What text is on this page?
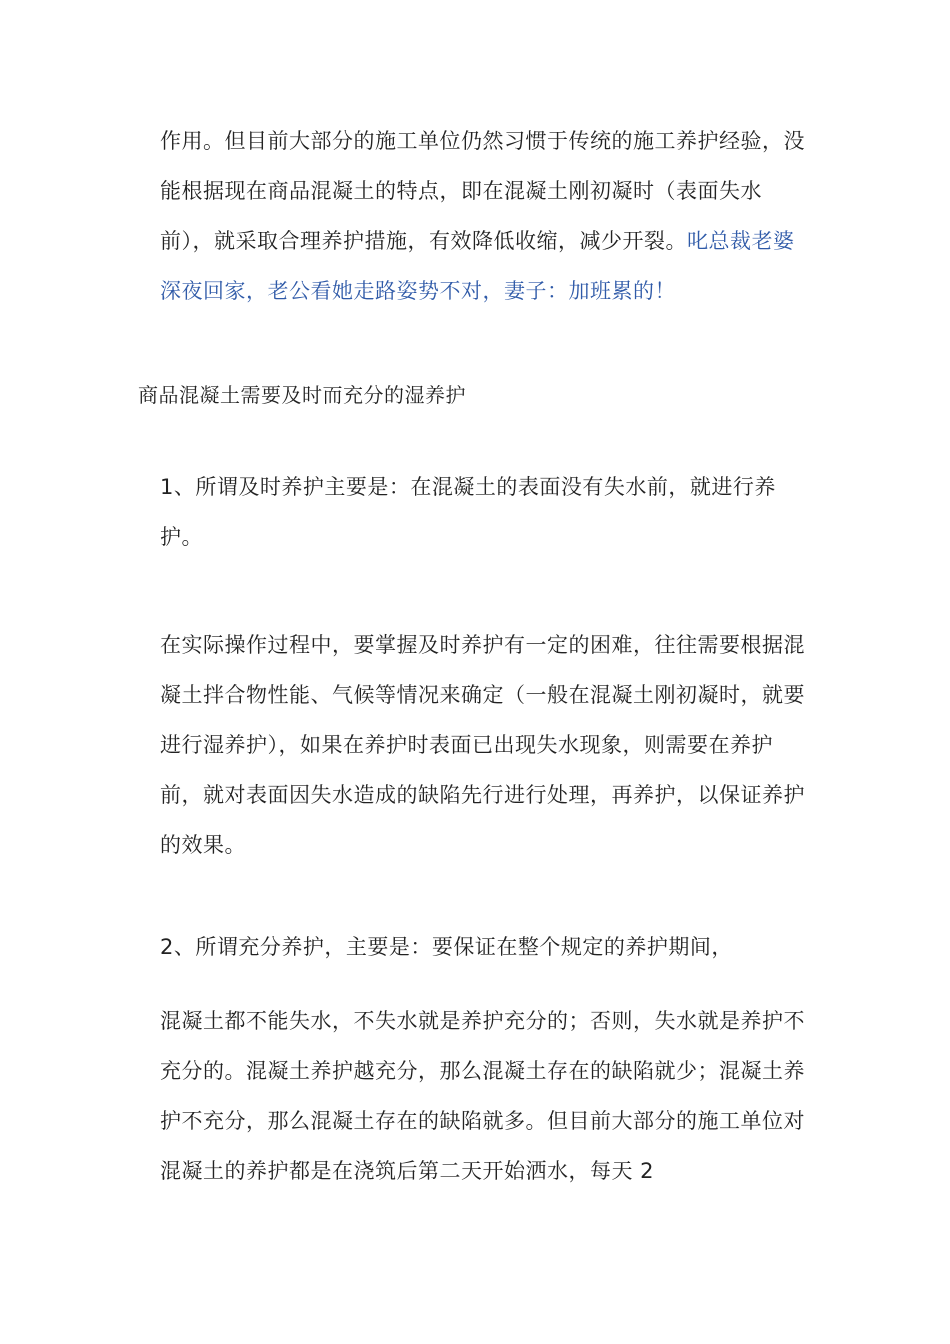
作用。但目前大部分的施工单位仍然习惯于传统的施工养护经验，没能根据现在商品混凝土的特点，即在混凝土刚初凝时（表面失水前），就采取合理养护措施，有效降低收缩，减少开裂。叱总裁老婆深夜回家，老公看她走路姿势不对，妻子：加班累的！

商品混凝土需要及时而充分的湿养护

1、所谓及时养护主要是：在混凝土的表面没有失水前，就进行养护。

在实际操作过程中，要掌握及时养护有一定的困难，往往需要根据混凝土拌合物性能、气候等情况来确定（一般在混凝土刚初凝时，就要进行湿养护），如果在养护时表面已出现失水现象，则需要在养护前，就对表面因失水造成的缺陷先行进行处理，再养护，以保证养护的效果。

2、所谓充分养护，主要是：要保证在整个规定的养护期间，

混凝土都不能失水，不失水就是养护充分的；否则，失水就是养护不充分的。混凝土养护越充分，那么混凝土存在的缺陷就少；混凝土养护不充分，那么混凝土存在的缺陷就多。但目前大部分的施工单位对混凝土的养护都是在浇筑后第二天开始洒水，每天 2
